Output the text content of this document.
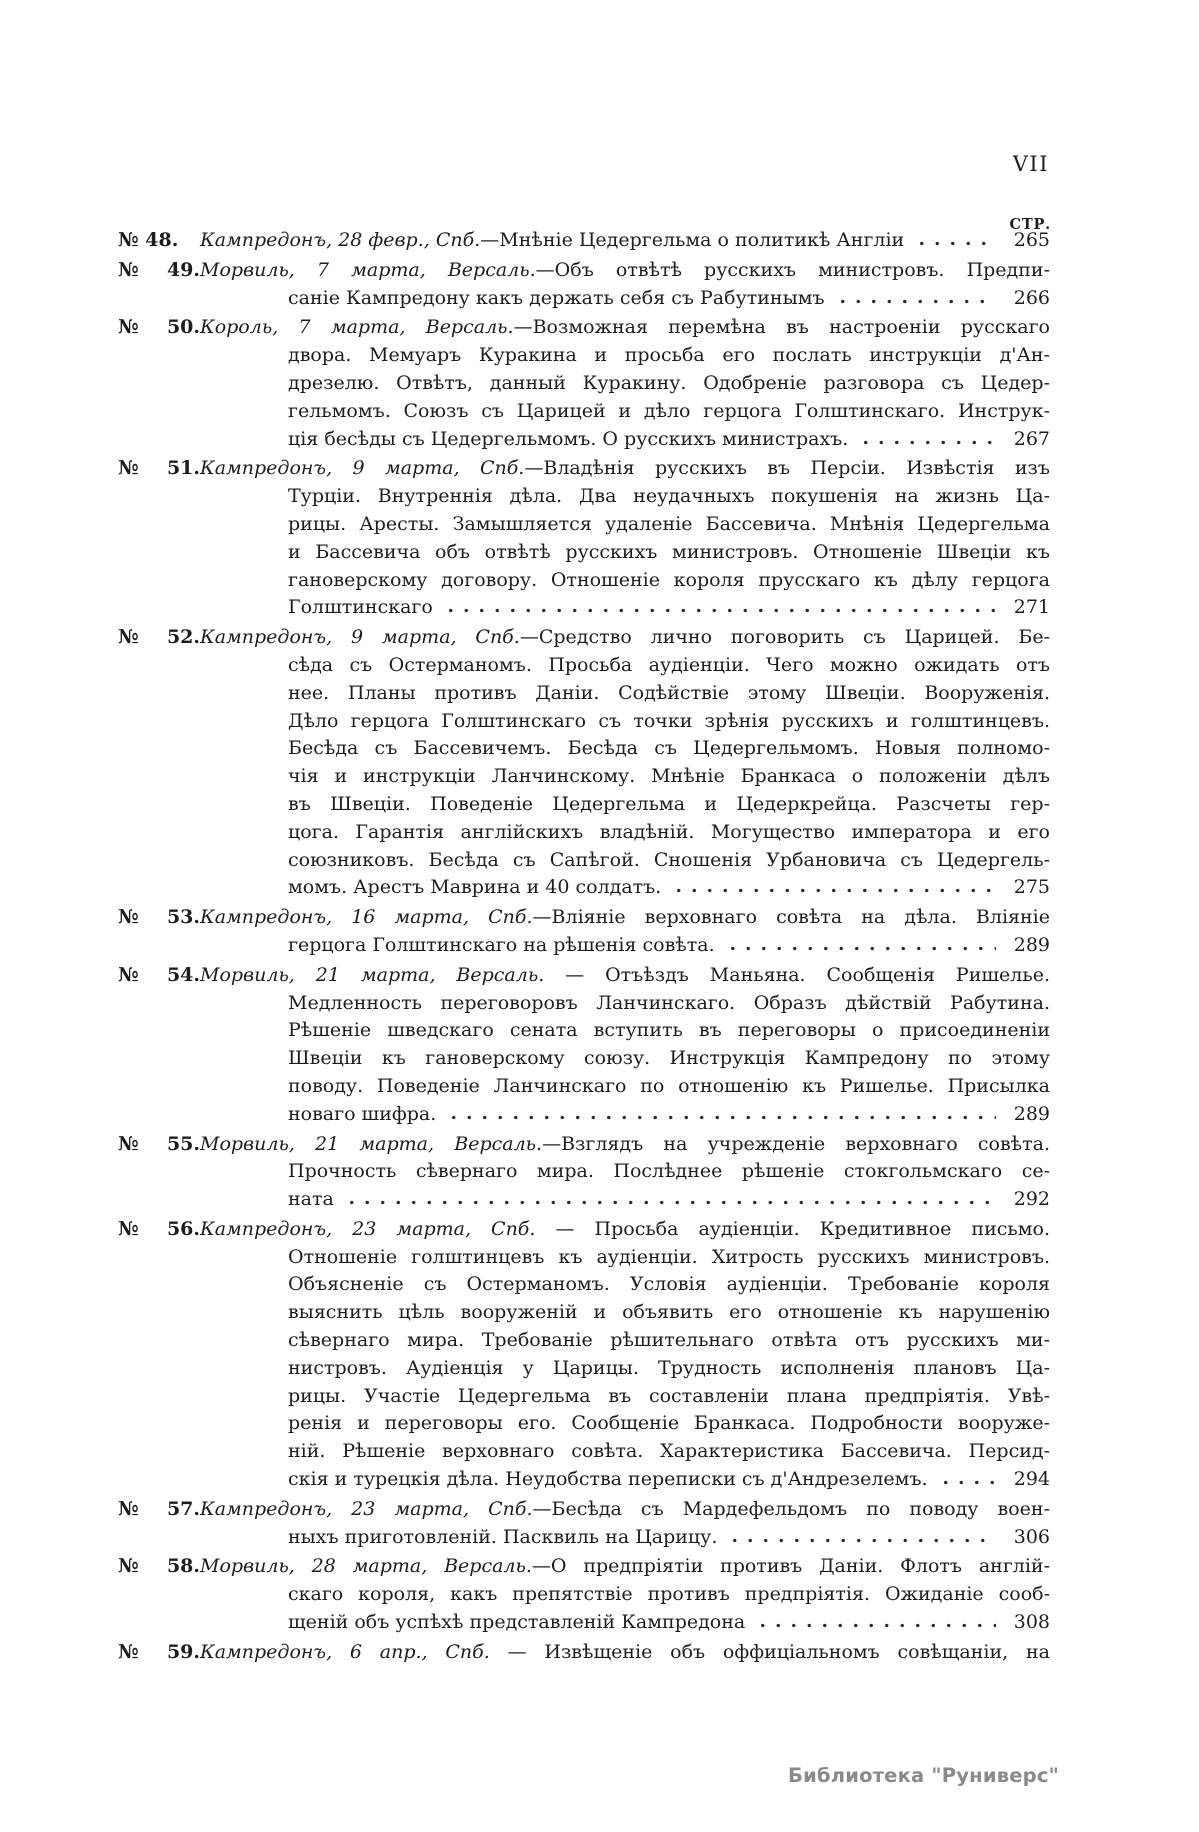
VII
СТР.
№ 48.	Кампредонъ, 28 февр., Спб. —Мнѣніе Цедергельма о политикѣ Англіи	265
№ 49.Морвиль, 7 марта, Версаль.—Объ отвѣтѣ русскихъ министровъ. Предпи-
саніе Кампредону какъ держать себя съ Рабутинымъ	266
№ 50.Король, 7 марта, Версаль.—Возможная перемѣна въ настроеніи русскаго
двора. Мемуаръ Куракина и просьба его послать инструкціи д'Ан-
дрезелю. Отвѣтъ, данный Куракину. Одобреніе разговора съ Цедер-
гельмомъ. Союзъ съ Царицей и дѣло герцога Голштинскаго. Инструк-
ція бесѣды съ Цедергельмомъ. О русскихъ министрахъ.	267
№ 51.Кампредонъ, 9 марта, Спб.—Владѣнія русскихъ въ Персіи. Извѣстія изъ
Турціи. Внутреннія дѣла. Два неудачныхъ покушенія на жизнь Ца-
рицы. Аресты. Замышляется удаленіе Бассевича. Мнѣнія Цедергельма
и Бассевича объ отвѣтѣ русскихъ министровъ. Отношеніе Швеціи къ
гановерскому договору. Отношеніе короля прусскаго къ дѣлу герцога
Голштинскаго	271
№ 52.Кампредонъ, 9 марта, Спб.—Средство лично поговорить съ Царицей. Бе-
сѣда съ Остерманомъ. Просьба аудіенціи. Чего можно ожидать отъ
нее. Планы противъ Даніи. Содѣйствіе этому Швеціи. Вооруженія.
Дѣло герцога Голштинскаго съ точки зрѣнія русскихъ и голштинцевъ.
Бесѣда съ Бассевичемъ. Бесѣда съ Цедергельмомъ. Новыя полномо-
чія и инструкціи Ланчинскому. Мнѣніе Бранкаса о положеніи дѣлъ
въ Швеціи. Поведеніе Цедергельма и Цедеркрейца. Разсчеты гер-
цога. Гарантія англійскихъ владѣній. Могущество императора и его
союзниковъ. Бесѣда съ Сапѣгой. Сношенія Урбановича съ Цедергель-
момъ. Арестъ Маврина и 40 солдатъ.	275
№ 53.Кампредонъ, 16 марта, Спб.—Вліяніе верховнаго совѣта на дѣла. Вліяніе
герцога Голштинскаго на рѣшенія совѣта.	289
№ 54.Морвиль, 21 марта, Версаль. — Отъѣздъ Маньяна. Сообщенія Ришелье.
Медленность переговоровъ Ланчинскаго. Образъ дѣйствій Рабутина.
Рѣшеніе шведскаго сената вступить въ переговоры о присоединеніи
Швеціи къ гановерскому союзу. Инструкція Кампредону по этому
поводу. Поведеніе Ланчинскаго по отношенію къ Ришелье. Присылка
новаго шифра.	289
№ 55.Морвиль, 21 марта, Версаль.—Взглядъ на учрежденіе верховнаго совѣта.
Прочность сѣвернаго мира. Послѣднее рѣшеніе стокгольмскаго се-
ната	292
№ 56.Кампредонъ, 23 марта, Спб. — Просьба аудіенціи. Кредитивное письмо.
Отношеніе голштинцевъ къ аудіенціи. Хитрость русскихъ министровъ.
Объясненіе съ Остерманомъ. Условія аудіенціи. Требованіе короля
выяснить цѣль вооруженій и объявить его отношеніе къ нарушенію
сѣвернаго мира. Требованіе рѣшительнаго отвѣта отъ русскихъ ми-
нистровъ. Аудіенція у Царицы. Трудность исполненія плановъ Ца-
рицы. Участіе Цедергельма въ составленіи плана предпріятія. Увѣ-
ренія и переговоры его. Сообщеніе Бранкаса. Подробности вооруже-
ній. Рѣшеніе верховнаго совѣта. Характеристика Бассевича. Персид-
скія и турецкія дѣла. Неудобства переписки съ д'Андрезелемъ.	294
№ 57.Кампредонъ, 23 марта, Спб.—Бесѣда съ Мардефельдомъ по поводу воен-
ныхъ приготовленій. Пасквиль на Царицу.	306
№ 58.Морвиль, 28 марта, Версаль.—О предпріятіи противъ Даніи. Флотъ англій-
скаго короля, какъ препятствіе противъ предпріятія. Ожиданіе сооб-
щеній объ успѣхѣ представленій Кампредона	308
№ 59.Кампредонъ, 6 апр., Спб. — Извѣщеніе объ оффиціальномъ совѣщаніи, на
Библиотека "Руниверс"
